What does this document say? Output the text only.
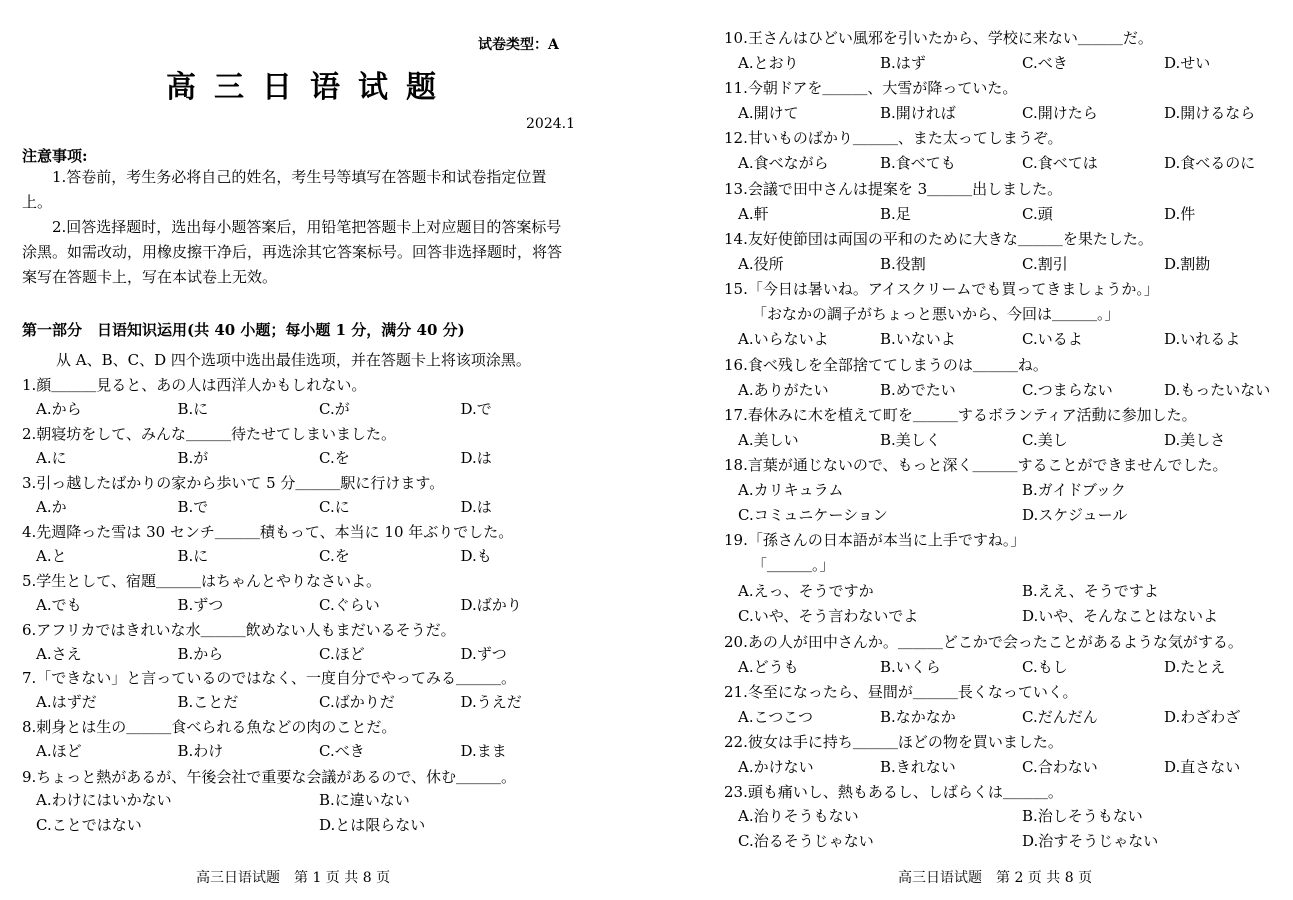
试卷类型：A
高三日语试题
2024.1
注意事项:
1.答卷前，考生务必将自己的姓名，考生号等填写在答题卡和试卷指定位置上。
2.回答选择题时，选出每小题答案后，用铅笔把答题卡上对应题目的答案标号涂黑。如需改动，用橡皮擦干净后，再选涂其它答案标号。回答非选择题时，将答案写在答题卡上，写在本试卷上无效。
第一部分　日语知识运用(共 40 小题；每小题 1 分，满分 40 分)
从 A、B、C、D 四个选项中选出最佳选项，并在答题卡上将该项涂黑。
1.顔＿＿＿見ると、あの人は西洋人かもしれない。
A.から	B.に	C.が	D.で
2.朝寝坊をして、みんな＿＿＿待たせてしまいました。
A.に	B.が	C.を	D.は
3.引っ越したばかりの家から歩いて 5 分＿＿＿駅に行けます。
A.か	B.で	C.に	D.は
4.先週降った雪は 30 センチ＿＿＿積もって、本当に 10 年ぶりでした。
A.と	B.に	C.を	D.も
5.学生として、宿題＿＿＿はちゃんとやりなさいよ。
A.でも	B.ずつ	C.ぐらい	D.ばかり
6.アフリカではきれいな水＿＿＿飲めない人もまだいるそうだ。
A.さえ	B.から	C.ほど	D.ずつ
7.「できない」と言っているのではなく、一度自分でやってみる＿＿＿。
A.はずだ	B.ことだ	C.ばかりだ	D.うえだ
8.刺身とは生の＿＿＿食べられる魚などの肉のことだ。
A.ほど	B.わけ	C.べき	D.まま
9.ちょっと熱があるが、午後会社で重要な会議があるので、休む＿＿＿。
A.わけにはいかない	B.に違いない
C.ことではない	D.とは限らない
高三日语试题　第 1 页 共 8 页
10.王さんはひどい風邪を引いたから、学校に来ない＿＿＿だ。
A.とおり	B.はず	C.べき	D.せい
11.今朝ドアを＿＿＿、大雪が降っていた。
A.開けて	B.開ければ	C.開けたら	D.開けるなら
12.甘いものばかり＿＿＿、また太ってしまうぞ。
A.食べながら	B.食べても	C.食べては	D.食べるのに
13.会議で田中さんは提案を 3＿＿＿出しました。
A.軒	B.足	C.頭	D.件
14.友好使節団は両国の平和のために大きな＿＿＿を果たした。
A.役所	B.役割	C.割引	D.割勘
15.「今日は暑いね。アイスクリームでも買ってきましょうか。」
「おなかの調子がちょっと悪いから、今回は＿＿＿。」
A.いらないよ	B.いないよ	C.いるよ	D.いれるよ
16.食べ残しを全部捨ててしまうのは＿＿＿ね。
A.ありがたい	B.めでたい	C.つまらない	D.もったいない
17.春休みに木を植えて町を＿＿＿するボランティア活動に参加した。
A.美しい	B.美しく	C.美し	D.美しさ
18.言葉が通じないので、もっと深く＿＿＿することができませんでした。
A.カリキュラム	B.ガイドブック
C.コミュニケーション	D.スケジュール
19.「孫さんの日本語が本当に上手ですね。」
「＿＿＿。」
A.えっ、そうですか	B.ええ、そうですよ
C.いや、そう言わないでよ	D.いや、そんなことはないよ
20.あの人が田中さんか。＿＿＿どこかで会ったことがあるような気がする。
A.どうも	B.いくら	C.もし	D.たとえ
21.冬至になったら、昼間が＿＿＿長くなっていく。
A.こつこつ	B.なかなか	C.だんだん	D.わざわざ
22.彼女は手に持ち＿＿＿ほどの物を買いました。
A.かけない	B.きれない	C.合わない	D.直さない
23.頭も痛いし、熱もあるし、しばらくは＿＿＿。
A.治りそうもない	B.治しそうもない
C.治るそうじゃない	D.治すそうじゃない
高三日语试题　第 2 页 共 8 页
